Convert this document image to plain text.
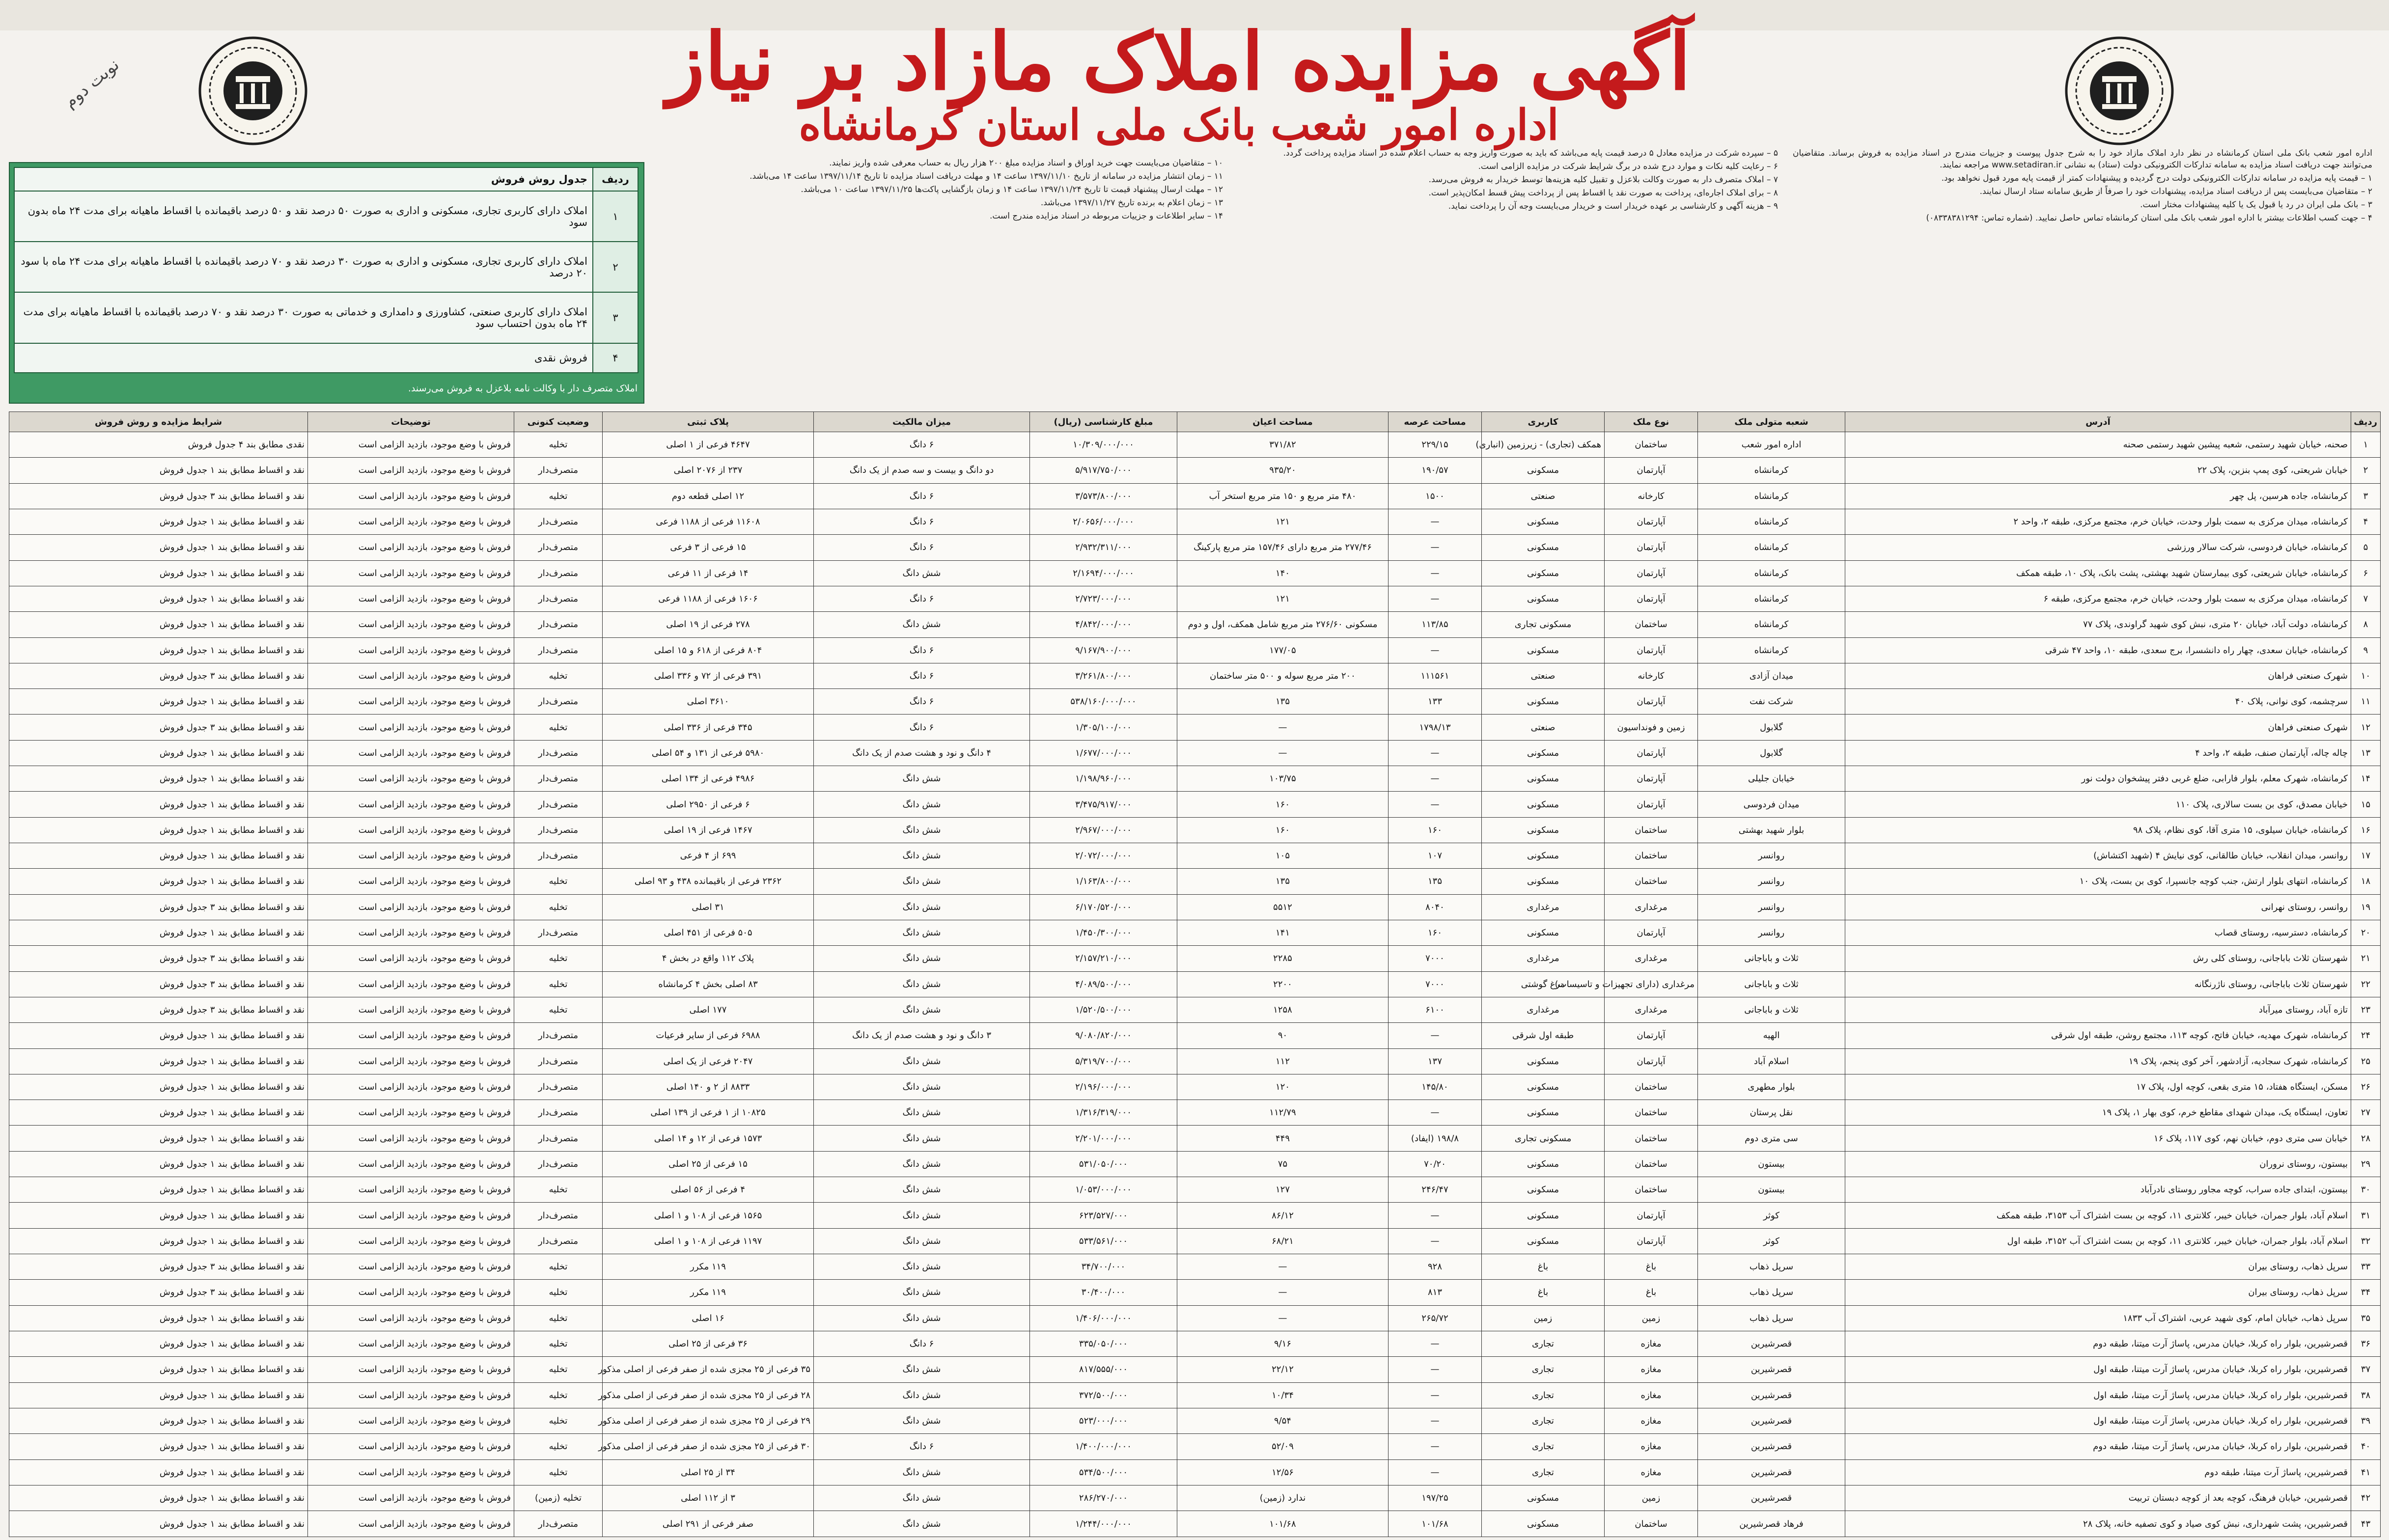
نوبت دوم	آگهی مزایده املاک مازاد بر نیاز
اداره امور شعب بانک ملی استان کرمانشاه

اداره امور شعب بانک ملی استان کرمانشاه در نظر دارد املاک مازاد خود را به شرح جدول پیوست و جزییات مندرج در اسناد مزایده به فروش برساند. متقاضیان می‌توانند جهت دریافت اسناد مزایده به سامانه تدارکات الکترونیکی دولت (ستاد) به نشانی www.setadiran.ir مراجعه نمایند.

۱ – قیمت پایه مزایده در سامانه تدارکات الکترونیکی دولت درج گردیده و پیشنهادات کمتر از قیمت پایه مورد قبول نخواهد بود.

۲ – متقاضیان می‌بایست پس از دریافت اسناد مزایده، پیشنهادات خود را صرفاً از طریق سامانه ستاد ارسال نمایند.

۳ – بانک ملی ایران در رد یا قبول یک یا کلیه پیشنهادات مختار است.

۴ – جهت کسب اطلاعات بیشتر با اداره امور شعب بانک ملی استان کرمانشاه تماس حاصل نمایید. (شماره تماس: ۰۸۳۳۸۳۸۱۲۹۴)

۵ – سپرده شرکت در مزایده معادل ۵ درصد قیمت پایه می‌باشد که باید به صورت واریز وجه به حساب اعلام شده در اسناد مزایده پرداخت گردد.

۶ – رعایت کلیه نکات و موارد درج شده در برگ شرایط شرکت در مزایده الزامی است.

۷ – املاک متصرف دار به صورت وکالت بلاعزل و تقبیل کلیه هزینه‌ها توسط خریدار به فروش می‌رسد.

۸ – برای املاک اجاره‌ای، پرداخت به صورت نقد یا اقساط پس از پرداخت پیش قسط امکان‌پذیر است.

۹ – هزینه آگهی و کارشناسی بر عهده خریدار است و خریدار می‌بایست وجه آن را پرداخت نماید.

۱۰ – متقاضیان می‌بایست جهت خرید اوراق و اسناد مزایده مبلغ ۲۰۰ هزار ریال به حساب معرفی شده واریز نمایند.

۱۱ – زمان انتشار مزایده در سامانه از تاریخ ۱۳۹۷/۱۱/۱۰ ساعت ۱۴ و مهلت دریافت اسناد مزایده تا تاریخ ۱۳۹۷/۱۱/۱۴ ساعت ۱۴ می‌باشد.

۱۲ – مهلت ارسال پیشنهاد قیمت تا تاریخ ۱۳۹۷/۱۱/۲۴ ساعت ۱۴ و زمان بازگشایی پاکت‌ها ۱۳۹۷/۱۱/۲۵ ساعت ۱۰ می‌باشد.

۱۳ – زمان اعلام به برنده تاریخ ۱۳۹۷/۱۱/۲۷ می‌باشد.

۱۴ – سایر اطلاعات و جزییات مربوطه در اسناد مزایده مندرج است.

ردیف	جدول روش فروش
۱	املاک دارای کاربری تجاری، مسکونی و اداری به صورت ۵۰ درصد نقد و ۵۰ درصد باقیمانده با اقساط ماهیانه برای مدت ۲۴ ماه بدون سود
۲	املاک دارای کاربری تجاری، مسکونی و اداری به صورت ۳۰ درصد نقد و ۷۰ درصد باقیمانده با اقساط ماهیانه برای مدت ۲۴ ماه با سود ۲۰ درصد
۳	املاک دارای کاربری صنعتی، کشاورزی و دامداری و خدماتی به صورت ۳۰ درصد نقد و ۷۰ درصد باقیمانده با اقساط ماهیانه برای مدت ۲۴ ماه بدون احتساب سود
۴	فروش نقدی
املاک متصرف دار با وکالت نامه بلاعزل به فروش می‌رسند.
ردیف	آدرس	شعبه متولی ملک	نوع ملک	کاربری	مساحت عرصه	مساحت اعیان	مبلغ کارشناسی (ریال)	میزان مالکیت	پلاک ثبتی	وضعیت کنونی	توضیحات	شرایط مزایده و روش فروش
۱	صحنه، خیابان شهید رستمی، شعبه پیشین شهید رستمی صحنه	اداره امور شعب	ساختمان	همکف (تجاری) - زیرزمین (انباری)	۲۲۹/۱۵	۳۷۱/۸۲	۱۰/۳۰۹/۰۰۰/۰۰۰	۶ دانگ	۴۶۴۷ فرعی از ۱ اصلی	تخلیه	فروش با وضع موجود، بازدید الزامی است	نقدی مطابق بند ۴ جدول فروش
۲	خیابان شریعتی، کوی پمپ بنزین، پلاک ۲۲	کرمانشاه	آپارتمان	مسکونی	۱۹۰/۵۷	۹۳۵/۲۰	۵/۹۱۷/۷۵۰/۰۰۰	دو دانگ و بیست و سه صدم از یک دانگ	۲۳۷ از ۲۰۷۶ اصلی	متصرف‌دار	فروش با وضع موجود، بازدید الزامی است	نقد و اقساط مطابق بند ۱ جدول فروش
۳	کرمانشاه، جاده هرسین، پل چهر	کرمانشاه	کارخانه	صنعتی	۱۵۰۰	۴۸۰ متر مربع و ۱۵۰ متر مربع استخر آب	۳/۵۷۳/۸۰۰/۰۰۰	۶ دانگ	۱۲ اصلی قطعه دوم	تخلیه	فروش با وضع موجود، بازدید الزامی است	نقد و اقساط مطابق بند ۳ جدول فروش
۴	کرمانشاه، میدان مرکزی به سمت بلوار وحدت، خیابان خرم، مجتمع مرکزی، طبقه ۲، واحد ۲	کرمانشاه	آپارتمان	مسکونی	—	۱۲۱	۲/۰۶۵۶/۰۰۰/۰۰۰	۶ دانگ	۱۱۶۰۸ فرعی از ۱۱۸۸ فرعی	متصرف‌دار	فروش با وضع موجود، بازدید الزامی است	نقد و اقساط مطابق بند ۱ جدول فروش
۵	کرمانشاه، خیابان فردوسی، شرکت سالار ورزشی	کرمانشاه	آپارتمان	مسکونی	—	۲۷۷/۴۶ متر مربع دارای ۱۵۷/۴۶ متر مربع پارکینگ	۲/۹۳۲/۳۱۱/۰۰۰	۶ دانگ	۱۵ فرعی از ۳ فرعی	متصرف‌دار	فروش با وضع موجود، بازدید الزامی است	نقد و اقساط مطابق بند ۱ جدول فروش
۶	کرمانشاه، خیابان شریعتی، کوی بیمارستان شهید بهشتی، پشت بانک، پلاک ۱۰، طبقه همکف	کرمانشاه	آپارتمان	مسکونی	—	۱۴۰	۲/۱۶۹۴/۰۰۰/۰۰۰	شش دانگ	۱۴ فرعی از ۱۱ فرعی	متصرف‌دار	فروش با وضع موجود، بازدید الزامی است	نقد و اقساط مطابق بند ۱ جدول فروش
۷	کرمانشاه، میدان مرکزی به سمت بلوار وحدت، خیابان خرم، مجتمع مرکزی، طبقه ۶	کرمانشاه	آپارتمان	مسکونی	—	۱۲۱	۲/۷۲۳/۰۰۰/۰۰۰	۶ دانگ	۱۶۰۶ فرعی از ۱۱۸۸ فرعی	متصرف‌دار	فروش با وضع موجود، بازدید الزامی است	نقد و اقساط مطابق بند ۱ جدول فروش
۸	کرمانشاه، دولت آباد، خیابان ۲۰ متری، نبش کوی شهید گراوندی، پلاک ۷۷	کرمانشاه	ساختمان	مسکونی تجاری	۱۱۳/۸۵	مسکونی ۲۷۶/۶۰ متر مربع شامل همکف، اول و دوم	۴/۸۴۲/۰۰۰/۰۰۰	شش دانگ	۲۷۸ فرعی از ۱۹ اصلی	متصرف‌دار	فروش با وضع موجود، بازدید الزامی است	نقد و اقساط مطابق بند ۱ جدول فروش
۹	کرمانشاه، خیابان سعدی، چهار راه دانشسرا، برج سعدی، طبقه ۱۰، واحد ۴۷ شرقی	کرمانشاه	آپارتمان	مسکونی	—	۱۷۷/۰۵	۹/۱۶۷/۹۰۰/۰۰۰	۶ دانگ	۸۰۴ فرعی از ۶۱۸ و ۱۵ اصلی	متصرف‌دار	فروش با وضع موجود، بازدید الزامی است	نقد و اقساط مطابق بند ۱ جدول فروش
۱۰	شهرک صنعتی فراهان	میدان آزادی	کارخانه	صنعتی	۱۱۱۵۶۱	۲۰۰ متر مربع سوله و ۵۰۰ متر ساختمان	۳/۲۶۱/۸۰۰/۰۰۰	۶ دانگ	۳۹۱ فرعی از ۷۲ و ۳۳۶ اصلی	تخلیه	فروش با وضع موجود، بازدید الزامی است	نقد و اقساط مطابق بند ۳ جدول فروش
۱۱	سرچشمه، کوی نوانی، پلاک ۴۰	شرکت نفت	آپارتمان	مسکونی	۱۳۳	۱۳۵	۵۳۸/۱۶۰/۰۰۰/۰۰۰	۶ دانگ	۳۶۱۰ اصلی	متصرف‌دار	فروش با وضع موجود، بازدید الزامی است	نقد و اقساط مطابق بند ۱ جدول فروش
۱۲	شهرک صنعتی فراهان	گلابول	زمین و فونداسیون	صنعتی	۱۷۹۸/۱۳	—	۱/۳۰۵/۱۰۰/۰۰۰	۶ دانگ	۳۴۵ فرعی از ۳۳۶ اصلی	تخلیه	فروش با وضع موجود، بازدید الزامی است	نقد و اقساط مطابق بند ۳ جدول فروش
۱۳	چاله چاله، آپارتمان صنف، طبقه ۲، واحد ۴	گلابول	آپارتمان	مسکونی	—	—	۱/۶۷۷/۰۰۰/۰۰۰	۴ دانگ و نود و هشت صدم از یک دانگ	۵۹۸۰ فرعی از ۱۳۱ و ۵۴ اصلی	متصرف‌دار	فروش با وضع موجود، بازدید الزامی است	نقد و اقساط مطابق بند ۱ جدول فروش
۱۴	کرمانشاه، شهرک معلم، بلوار فارابی، ضلع غربی دفتر پیشخوان دولت نور	خیابان جلیلی	آپارتمان	مسکونی	—	۱۰۳/۷۵	۱/۱۹۸/۹۶۰/۰۰۰	شش دانگ	۴۹۸۶ فرعی از ۱۳۴ اصلی	متصرف‌دار	فروش با وضع موجود، بازدید الزامی است	نقد و اقساط مطابق بند ۱ جدول فروش
۱۵	خیابان مصدق، کوی بن بست سالاری، پلاک ۱۱۰	میدان فردوسی	آپارتمان	مسکونی	—	۱۶۰	۳/۴۷۵/۹۱۷/۰۰۰	شش دانگ	۶ فرعی از ۲۹۵۰ اصلی	متصرف‌دار	فروش با وضع موجود، بازدید الزامی است	نقد و اقساط مطابق بند ۱ جدول فروش
۱۶	کرمانشاه، خیابان سیلوی، ۱۵ متری آقا، کوی نظام، پلاک ۹۸	بلوار شهید بهشتی	ساختمان	مسکونی	۱۶۰	۱۶۰	۲/۹۶۷/۰۰۰/۰۰۰	شش دانگ	۱۴۶۷ فرعی از ۱۹ اصلی	متصرف‌دار	فروش با وضع موجود، بازدید الزامی است	نقد و اقساط مطابق بند ۱ جدول فروش
۱۷	روانسر، میدان انقلاب، خیابان طالقانی، کوی نیایش ۴ (شهید اکتشاش)	روانسر	ساختمان	مسکونی	۱۰۷	۱۰۵	۲/۰۷۲/۰۰۰/۰۰۰	شش دانگ	۶۹۹ از ۴ فرعی	متصرف‌دار	فروش با وضع موجود، بازدید الزامی است	نقد و اقساط مطابق بند ۱ جدول فروش
۱۸	کرمانشاه، انتهای بلوار ارتش، جنب کوچه جانسپرا، کوی بن بست، پلاک ۱۰	روانسر	ساختمان	مسکونی	۱۳۵	۱۳۵	۱/۱۶۳/۸۰۰/۰۰۰	شش دانگ	۲۳۶۲ فرعی از باقیمانده ۴۳۸ و ۹۳ اصلی	تخلیه	فروش با وضع موجود، بازدید الزامی است	نقد و اقساط مطابق بند ۱ جدول فروش
۱۹	روانسر، روستای نهرانی	روانسر	مرغداری	مرغداری	۸۰۴۰	۵۵۱۲	۶/۱۷۰/۵۲۰/۰۰۰	شش دانگ	۳۱ اصلی	تخلیه	فروش با وضع موجود، بازدید الزامی است	نقد و اقساط مطابق بند ۳ جدول فروش
۲۰	کرمانشاه، دسترسیه، روستای قصاب	روانسر	آپارتمان	مسکونی	۱۶۰	۱۴۱	۱/۴۵۰/۳۰۰/۰۰۰	شش دانگ	۵۰۵ فرعی از ۴۵۱ اصلی	متصرف‌دار	فروش با وضع موجود، بازدید الزامی است	نقد و اقساط مطابق بند ۱ جدول فروش
۲۱	شهرستان ثلاث باباجانی، روستای کلی رش	ثلاث و باباجانی	مرغداری	مرغداری	۷۰۰۰	۲۲۸۵	۲/۱۵۷/۲۱۰/۰۰۰	شش دانگ	پلاک ۱۱۲ واقع در بخش ۴	تخلیه	فروش با وضع موجود، بازدید الزامی است	نقد و اقساط مطابق بند ۳ جدول فروش
۲۲	شهرستان ثلاث باباجانی، روستای ناژرنگانه	ثلاث و باباجانی	مرغداری (دارای تجهیزات و تاسیسات)	مرغ گوشتی	۷۰۰۰	۲۲۰۰	۴/۰۸۹/۵۰۰/۰۰۰	شش دانگ	۸۳ اصلی بخش ۴ کرمانشاه	تخلیه	فروش با وضع موجود، بازدید الزامی است	نقد و اقساط مطابق بند ۳ جدول فروش
۲۳	تازه آباد، روستای میرآباد	ثلاث و باباجانی	مرغداری	مرغداری	۶۱۰۰	۱۲۵۸	۱/۵۲۰/۵۰۰/۰۰۰	شش دانگ	۱۷۷ اصلی	تخلیه	فروش با وضع موجود، بازدید الزامی است	نقد و اقساط مطابق بند ۳ جدول فروش
۲۴	کرمانشاه، شهرک مهدیه، خیابان فاتح، کوچه ۱۱۳، مجتمع روشن، طبقه اول شرقی	الهیه	آپارتمان	طبقه اول شرقی	—	۹۰	۹/۰۸۰/۸۲۰/۰۰۰	۳ دانگ و نود و هشت صدم از یک دانگ	۶۹۸۸ فرعی از سایر فرعیات	متصرف‌دار	فروش با وضع موجود، بازدید الزامی است	نقد و اقساط مطابق بند ۱ جدول فروش
۲۵	کرمانشاه، شهرک سجادیه، آزادشهر، آخر کوی پنجم، پلاک ۱۹	اسلام آباد	آپارتمان	مسکونی	۱۳۷	۱۱۲	۵/۳۱۹/۷۰۰/۰۰۰	شش دانگ	۲۰۴۷ فرعی از یک اصلی	متصرف‌دار	فروش با وضع موجود، بازدید الزامی است	نقد و اقساط مطابق بند ۱ جدول فروش
۲۶	مسکن، ایستگاه هفتاد، ۱۵ متری بقعی، کوچه اول، پلاک ۱۷	بلوار مطهری	ساختمان	مسکونی	۱۴۵/۸۰	۱۲۰	۲/۱۹۶/۰۰۰/۰۰۰	شش دانگ	۸۸۳۳ از ۲ و ۱۴۰ اصلی	متصرف‌دار	فروش با وضع موجود، بازدید الزامی است	نقد و اقساط مطابق بند ۱ جدول فروش
۲۷	تعاون، ایستگاه یک، میدان شهدای مقاطع خرم، کوی بهار ۱، پلاک ۱۹	نقل پرستان	ساختمان	مسکونی	—	۱۱۲/۷۹	۱/۳۱۶/۳۱۹/۰۰۰	شش دانگ	۱۰۸۲۵ از ۱ فرعی از ۱۳۹ اصلی	متصرف‌دار	فروش با وضع موجود، بازدید الزامی است	نقد و اقساط مطابق بند ۱ جدول فروش
۲۸	خیابان سی متری دوم، خیابان نهم، کوی ۱۱۷، پلاک ۱۶	سی متری دوم	ساختمان	مسکونی تجاری	۱۹۸/۸ (ایفاد)	۴۴۹	۲/۲۰۱/۰۰۰/۰۰۰	شش دانگ	۱۵۷۳ فرعی از ۱۲ و ۱۴ اصلی	متصرف‌دار	فروش با وضع موجود، بازدید الزامی است	نقد و اقساط مطابق بند ۱ جدول فروش
۲۹	بیستون، روستای نروران	بیستون	ساختمان	مسکونی	۷۰/۲۰	۷۵	۵۳۱/۰۵۰/۰۰۰	شش دانگ	۱۵ فرعی از ۲۵ اصلی	متصرف‌دار	فروش با وضع موجود، بازدید الزامی است	نقد و اقساط مطابق بند ۱ جدول فروش
۳۰	بیستون، ابتدای جاده سراب، کوچه مجاور روستای نادرآباد	بیستون	ساختمان	مسکونی	۲۴۶/۴۷	۱۲۷	۱/۰۵۳/۰۰۰/۰۰۰	شش دانگ	۴ فرعی از ۵۶ اصلی	تخلیه	فروش با وضع موجود، بازدید الزامی است	نقد و اقساط مطابق بند ۱ جدول فروش
۳۱	اسلام آباد، بلوار جمران، خیابان خیبر، کلانتری ۱۱، کوچه بن بست اشتراک آب ۳۱۵۳، طبقه همکف	کوثر	آپارتمان	مسکونی	—	۸۶/۱۲	۶۲۳/۵۲۷/۰۰۰	شش دانگ	۱۵۶۵ فرعی از ۱۰۸ و ۱ اصلی	متصرف‌دار	فروش با وضع موجود، بازدید الزامی است	نقد و اقساط مطابق بند ۱ جدول فروش
۳۲	اسلام آباد، بلوار جمران، خیابان خیبر، کلانتری ۱۱، کوچه بن بست اشتراک آب ۳۱۵۲، طبقه اول	کوثر	آپارتمان	مسکونی	—	۶۸/۲۱	۵۳۳/۵۶۱/۰۰۰	شش دانگ	۱۱۹۷ فرعی از ۱۰۸ و ۱ اصلی	متصرف‌دار	فروش با وضع موجود، بازدید الزامی است	نقد و اقساط مطابق بند ۱ جدول فروش
۳۳	سرپل ذهاب، روستای بیران	سرپل ذهاب	باغ	باغ	۹۲۸	—	۳۴/۷۰۰/۰۰۰	شش دانگ	۱۱۹ مکرر	تخلیه	فروش با وضع موجود، بازدید الزامی است	نقد و اقساط مطابق بند ۳ جدول فروش
۳۴	سرپل ذهاب، روستای بیران	سرپل ذهاب	باغ	باغ	۸۱۳	—	۳۰/۴۰۰/۰۰۰	شش دانگ	۱۱۹ مکرر	تخلیه	فروش با وضع موجود، بازدید الزامی است	نقد و اقساط مطابق بند ۳ جدول فروش
۳۵	سرپل ذهاب، خیابان امام، کوی شهید عربی، اشتراک آب ۱۸۳۳	سرپل ذهاب	زمین	زمین	۲۶۵/۷۲	—	۱/۴۰۶/۰۰۰/۰۰۰	شش دانگ	۱۶ اصلی	تخلیه	فروش با وضع موجود، بازدید الزامی است	نقد و اقساط مطابق بند ۱ جدول فروش
۳۶	قصرشیرین، بلوار راه کربلا، خیابان مدرس، پاساژ آرت میتنا، طبقه دوم	قصرشیرین	مغازه	تجاری	—	۹/۱۶	۳۳۵/۰۵۰/۰۰۰	۶ دانگ	۳۶ فرعی از ۲۵ اصلی	تخلیه	فروش با وضع موجود، بازدید الزامی است	نقد و اقساط مطابق بند ۱ جدول فروش
۳۷	قصرشیرین، بلوار راه کربلا، خیابان مدرس، پاساژ آرت میتنا، طبقه اول	قصرشیرین	مغازه	تجاری	—	۲۲/۱۲	۸۱۷/۵۵۵/۰۰۰	شش دانگ	۳۵ فرعی از ۲۵ مجزی شده از صفر فرعی از اصلی مذکور	تخلیه	فروش با وضع موجود، بازدید الزامی است	نقد و اقساط مطابق بند ۱ جدول فروش
۳۸	قصرشیرین، بلوار راه کربلا، خیابان مدرس، پاساژ آرت میتنا، طبقه اول	قصرشیرین	مغازه	تجاری	—	۱۰/۳۴	۳۷۲/۵۰۰/۰۰۰	شش دانگ	۲۸ فرعی از ۲۵ مجزی شده از صفر فرعی از اصلی مذکور	تخلیه	فروش با وضع موجود، بازدید الزامی است	نقد و اقساط مطابق بند ۱ جدول فروش
۳۹	قصرشیرین، بلوار راه کربلا، خیابان مدرس، پاساژ آرت میتنا، طبقه اول	قصرشیرین	مغازه	تجاری	—	۹/۵۴	۵۲۳/۰۰۰/۰۰۰	شش دانگ	۲۹ فرعی از ۲۵ مجزی شده از صفر فرعی از اصلی مذکور	تخلیه	فروش با وضع موجود، بازدید الزامی است	نقد و اقساط مطابق بند ۱ جدول فروش
۴۰	قصرشیرین، بلوار راه کربلا، خیابان مدرس، پاساژ آرت میتنا، طبقه دوم	قصرشیرین	مغازه	تجاری	—	۵۲/۰۹	۱/۴۰۰/۰۰۰/۰۰۰	۶ دانگ	۳۰ فرعی از ۲۵ مجزی شده از صفر فرعی از اصلی مذکور	تخلیه	فروش با وضع موجود، بازدید الزامی است	نقد و اقساط مطابق بند ۱ جدول فروش
۴۱	قصرشیرین، پاساژ آرت میتنا، طبقه دوم	قصرشیرین	مغازه	تجاری	—	۱۲/۵۶	۵۳۴/۵۰۰/۰۰۰	شش دانگ	۳۴ از ۲۵ اصلی	تخلیه	فروش با وضع موجود، بازدید الزامی است	نقد و اقساط مطابق بند ۱ جدول فروش
۴۲	قصرشیرین، خیابان فرهنگ، کوچه بعد از کوچه دبستان تربیت	قصرشیرین	زمین	مسکونی	۱۹۷/۲۵	ندارد (زمین)	۲۸۶/۲۷۰/۰۰۰	شش دانگ	۳ از ۱۱۲ اصلی	تخلیه (زمین)	فروش با وضع موجود، بازدید الزامی است	نقد و اقساط مطابق بند ۱ جدول فروش
۴۳	قصرشیرین، پشت شهرداری، نبش کوی صیاد و کوی تصفیه خانه، پلاک ۲۸	فرهاد قصرشیرین	ساختمان	مسکونی	۱۰۱/۶۸	۱۰۱/۶۸	۱/۲۴۴/۰۰۰/۰۰۰	شش دانگ	صفر فرعی از ۲۹۱ اصلی	متصرف‌دار	فروش با وضع موجود، بازدید الزامی است	نقد و اقساط مطابق بند ۱ جدول فروش
